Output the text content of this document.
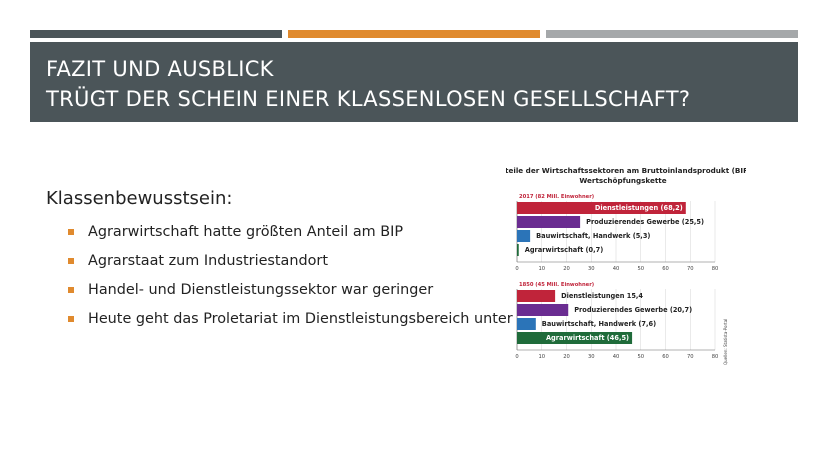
FAZIT UND AUSBLICK
TRÜGT DER SCHEIN EINER KLASSENLOSEN GESELLSCHAFT?
Klassenbewusstsein:
Agrarwirtschaft hatte größten Anteil am BIP
Agrarstaat zum Industriestandort
Handel- und Dienstleistungssektor war geringer
Heute geht das Proletariat im Dienstleistungsbereich unter
Anteile der Wirtschaftssektoren am Bruttoinlandsprodukt (BIP)
Wertschöpfungskette
2017 (82 Mill. Einwohner)
0	10	20	30	40	50	60	70	80
Dienstleistungen (68,2)
Produzierendes Gewerbe (25,5)
Bauwirtschaft, Handwerk (5,3)
Agrarwirtschaft (0,7)
1850 (45 Mill. Einwohner)
0	10	20	30	40	50	60	70	80
Dienstleistungen 15,4
Produzierendes Gewerbe (20,7)
Bauwirtschaft, Handwerk (7,6)
Agrarwirtschaft (46,5)	Quellen: Statista-Portal
